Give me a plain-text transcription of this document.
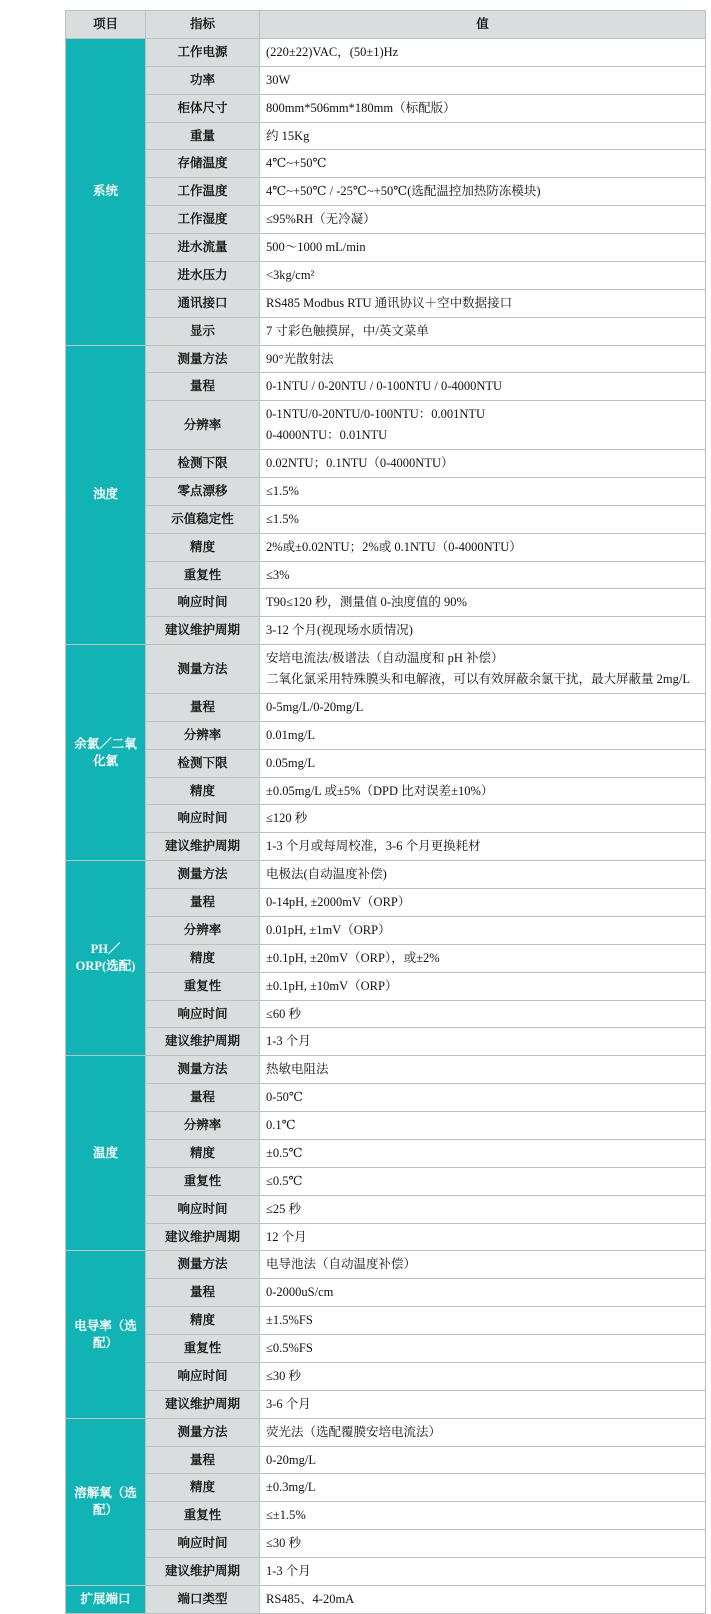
项目	指标	值
系统	工作电源	(220±22)VAC，(50±1)Hz

	功率	30W

	柜体尺寸	800mm*506mm*180mm（标配版）

	重量	约 15Kg

	存储温度	4℃~+50℃

	工作温度	4℃~+50℃ / -25℃~+50℃(选配温控加热防冻模块)

	工作湿度	≤95%RH（无冷凝）

	进水流量	500～1000 mL/min

	进水压力	<3kg/cm²

	通讯接口	RS485 Modbus RTU 通讯协议＋空中数据接口

	显示	7 寸彩色触摸屏，中/英文菜单

浊度	测量方法	90°光散射法

	量程	0-1NTU / 0-20NTU / 0-100NTU / 0-4000NTU

	分辨率	0-1NTU/0-20NTU/0-100NTU：0.001NTU
0-4000NTU：0.01NTU

	检测下限	0.02NTU；0.1NTU（0-4000NTU）

	零点漂移	≤1.5%

	示值稳定性	≤1.5%

	精度	2%或±0.02NTU；2%或 0.1NTU（0-4000NTU）

	重复性	≤3%

	响应时间	T90≤120 秒，测量值 0-浊度值的 90%

	建议维护周期	3-12 个月(视现场水质情况)

余氯／二氧化氯	测量方法	安培电流法/极谱法（自动温度和 pH 补偿）
二氧化氯采用特殊膜头和电解液，可以有效屏蔽余氯干扰，最大屏蔽量 2mg/L

	量程	0-5mg/L/0-20mg/L

	分辨率	0.01mg/L

	检测下限	0.05mg/L

	精度	±0.05mg/L 或±5%（DPD 比对误差±10%）

	响应时间	≤120 秒

	建议维护周期	1-3 个月或每周校准，3-6 个月更换耗材

PH／ORP(选配)	测量方法	电极法(自动温度补偿)

	量程	0-14pH, ±2000mV（ORP）

	分辨率	0.01pH, ±1mV（ORP）

	精度	±0.1pH, ±20mV（ORP），或±2%

	重复性	±0.1pH, ±10mV（ORP）

	响应时间	≤60 秒

	建议维护周期	1-3 个月

温度	测量方法	热敏电阻法

	量程	0-50℃

	分辨率	0.1℃

	精度	±0.5℃

	重复性	≤0.5℃

	响应时间	≤25 秒

	建议维护周期	12 个月

电导率（选配）	测量方法	电导池法（自动温度补偿）

	量程	0-2000uS/cm

	精度	±1.5%FS

	重复性	≤0.5%FS

	响应时间	≤30 秒

	建议维护周期	3-6 个月

溶解氧（选配）	测量方法	荧光法（选配覆膜安培电流法）

	量程	0-20mg/L

	精度	±0.3mg/L

	重复性	≤±1.5%

	响应时间	≤30 秒

	建议维护周期	1-3 个月

扩展端口	端口类型	RS485、4-20mA
